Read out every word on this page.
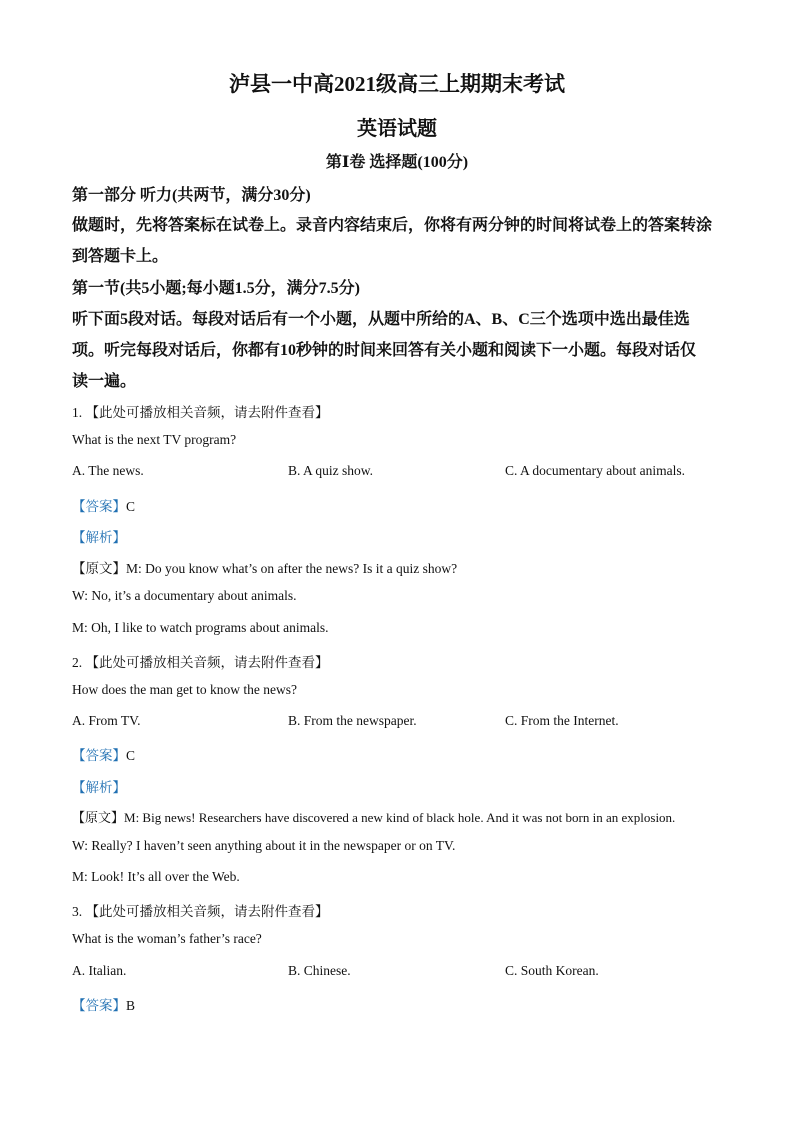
泸县一中高2021级高三上期期末考试
英语试题
第Ⅰ卷 选择题(100分)
第一部分 听力(共两节，满分30分)
做题时，先将答案标在试卷上。录音内容结束后，你将有两分钟的时间将试卷上的答案转涂
到答题卡上。
第一节(共5小题;每小题1.5分，满分7.5分)
听下面5段对话。每段对话后有一个小题，从题中所给的A、B、C三个选项中选出最佳选
项。听完每段对话后，你都有10秒钟的时间来回答有关小题和阅读下一小题。每段对话仅
读一遍。
1. 【此处可播放相关音频，请去附件查看】
What is the next TV program?
A. The news.	B. A quiz show.	C. A documentary about animals.
【答案】C
【解析】
【原文】M: Do you know what’s on after the news? Is it a quiz show?
W: No, it’s a documentary about animals.
M: Oh, I like to watch programs about animals.
2. 【此处可播放相关音频，请去附件查看】
How does the man get to know the news?
A. From TV.	B. From the newspaper.	C. From the Internet.
【答案】C
【解析】
【原文】M: Big news! Researchers have discovered a new kind of black hole. And it was not born in an explosion.
W: Really? I haven’t seen anything about it in the newspaper or on TV.
M: Look! It’s all over the Web.
3. 【此处可播放相关音频，请去附件查看】
What is the woman’s father’s race?
A. Italian.	B. Chinese.	C. South Korean.
【答案】B
